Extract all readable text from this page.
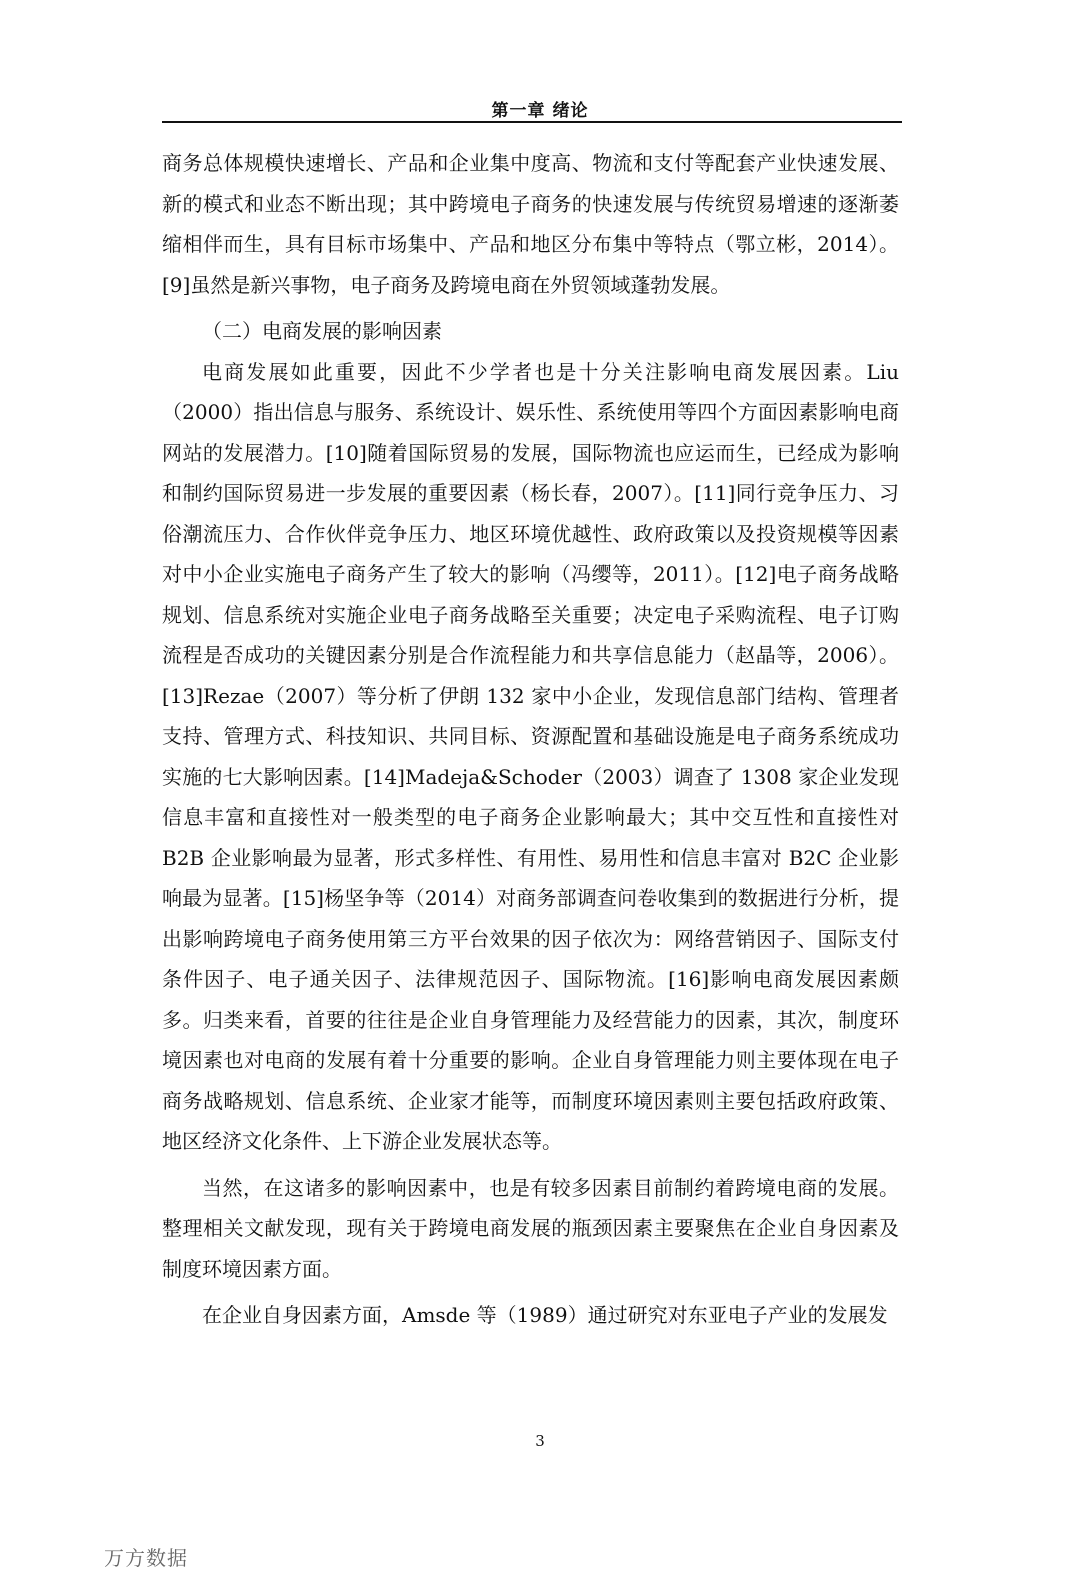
第一章 绪论

商务总体规模快速增长、产品和企业集中度高、物流和支付等配套产业快速发展、新的模式和业态不断出现；其中跨境电子商务的快速发展与传统贸易增速的逐渐萎缩相伴而生，具有目标市场集中、产品和地区分布集中等特点（鄂立彬，2014）。[9]虽然是新兴事物，电子商务及跨境电商在外贸领域蓬勃发展。

（二）电商发展的影响因素

电商发展如此重要，因此不少学者也是十分关注影响电商发展因素。Liu（2000）指出信息与服务、系统设计、娱乐性、系统使用等四个方面因素影响电商网站的发展潜力。[10]随着国际贸易的发展，国际物流也应运而生，已经成为影响和制约国际贸易进一步发展的重要因素（杨长春，2007）。[11]同行竞争压力、习俗潮流压力、合作伙伴竞争压力、地区环境优越性、政府政策以及投资规模等因素对中小企业实施电子商务产生了较大的影响（冯缨等，2011）。[12]电子商务战略规划、信息系统对实施企业电子商务战略至关重要；决定电子采购流程、电子订购流程是否成功的关键因素分别是合作流程能力和共享信息能力（赵晶等，2006）。[13]Rezae（2007）等分析了伊朗 132 家中小企业，发现信息部门结构、管理者支持、管理方式、科技知识、共同目标、资源配置和基础设施是电子商务系统成功实施的七大影响因素。[14]Madeja&Schoder（2003）调查了 1308 家企业发现信息丰富和直接性对一般类型的电子商务企业影响最大；其中交互性和直接性对 B2B 企业影响最为显著，形式多样性、有用性、易用性和信息丰富对 B2C 企业影响最为显著。[15]杨坚争等（2014）对商务部调查问卷收集到的数据进行分析，提出影响跨境电子商务使用第三方平台效果的因子依次为：网络营销因子、国际支付条件因子、电子通关因子、法律规范因子、国际物流。[16]影响电商发展因素颇多。归类来看，首要的往往是企业自身管理能力及经营能力的因素，其次，制度环境因素也对电商的发展有着十分重要的影响。企业自身管理能力则主要体现在电子商务战略规划、信息系统、企业家才能等，而制度环境因素则主要包括政府政策、地区经济文化条件、上下游企业发展状态等。

当然，在这诸多的影响因素中，也是有较多因素目前制约着跨境电商的发展。整理相关文献发现，现有关于跨境电商发展的瓶颈因素主要聚焦在企业自身因素及制度环境因素方面。

在企业自身因素方面，Amsde 等（1989）通过研究对东亚电子产业的发展发

3
万方数据
